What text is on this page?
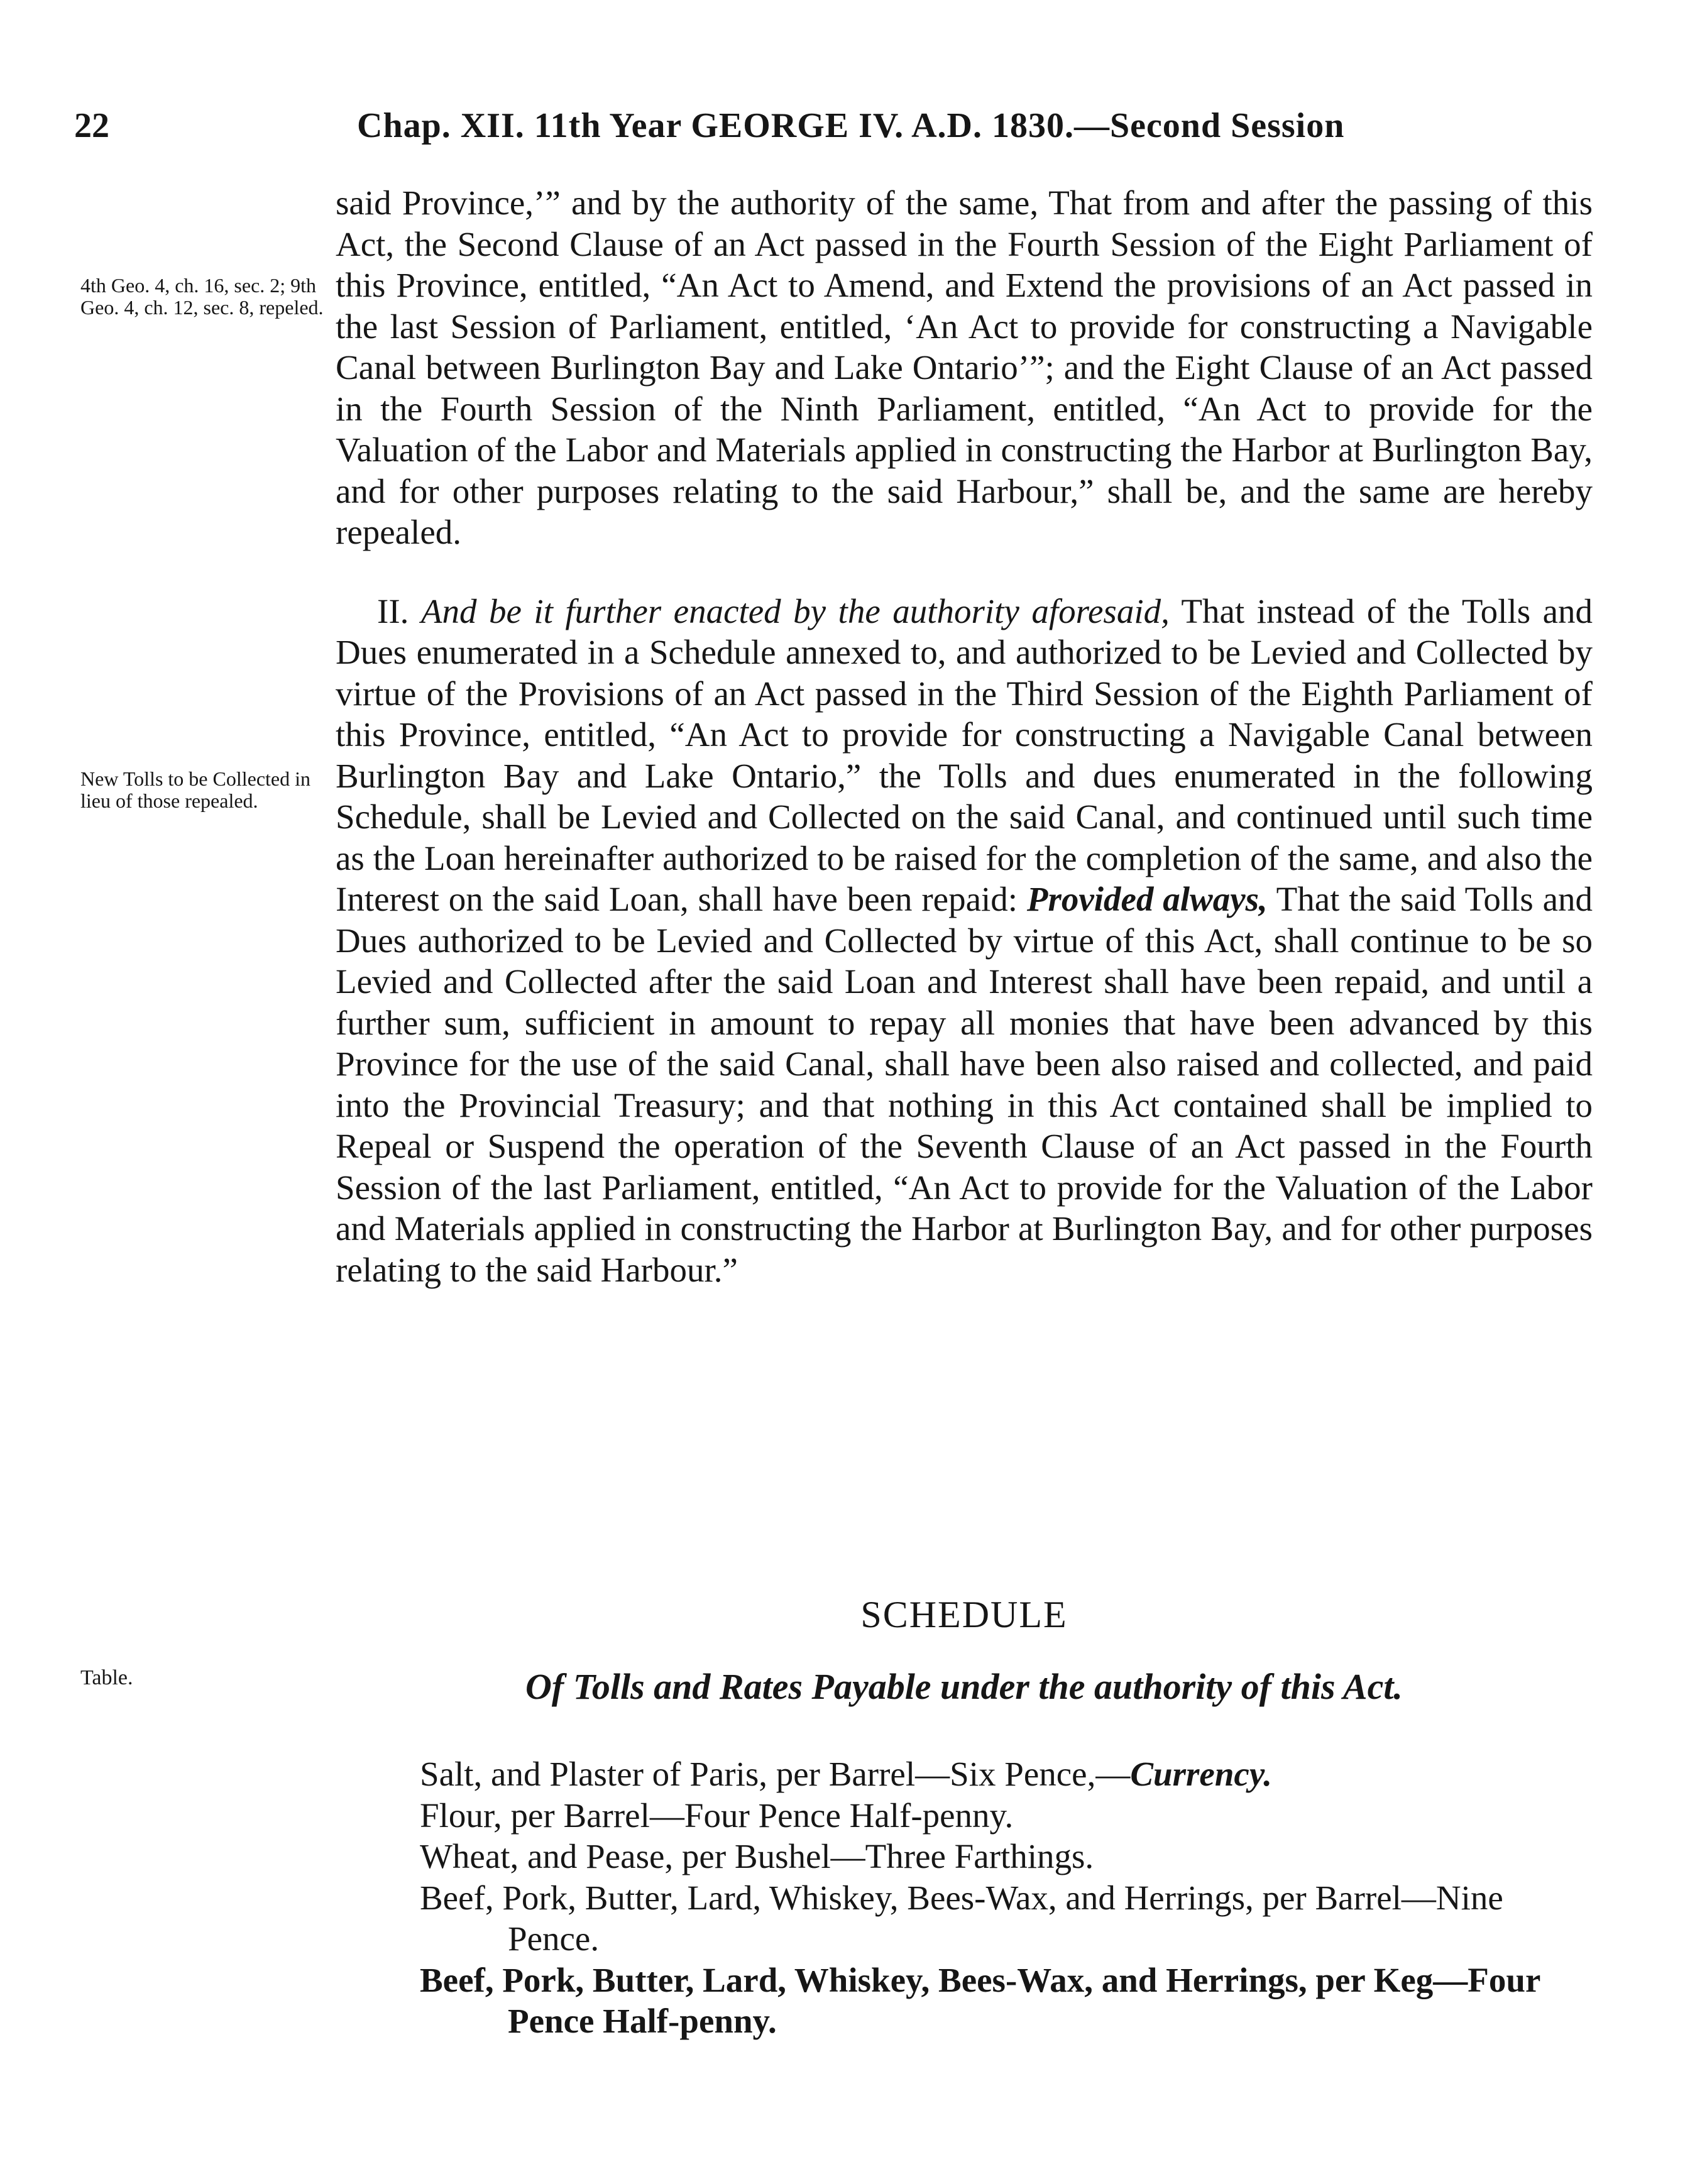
22	Chap. XII. 11th Year GEORGE IV. A.D. 1830.—Second Session
4th Geo. 4, ch. 16, sec. 2; 9th Geo. 4, ch. 12, sec. 8, repeled.
New Tolls to be Collected in lieu of those repealed.
Table.

said Province,’” and by the authority of the same, That from and after the passing of this Act, the Second Clause of an Act passed in the Fourth Session of the Eight Parliament of this Province, entitled, “An Act to Amend, and Extend the provisions of an Act passed in the last Session of Parliament, entitled, ‘An Act to provide for constructing a Navigable Canal between Burlington Bay and Lake Ontario’”; and the Eight Clause of an Act passed in the Fourth Session of the Ninth Parliament, entitled, “An Act to provide for the Valuation of the Labor and Materials applied in constructing the Harbor at Burlington Bay, and for other purposes relating to the said Harbour,” shall be, and the same are hereby repealed.

II. And be it further enacted by the authority aforesaid, That instead of the Tolls and Dues enumerated in a Schedule annexed to, and authorized to be Levied and Collected by virtue of the Provisions of an Act passed in the Third Session of the Eighth Parliament of this Province, entitled, “An Act to provide for constructing a Navigable Canal between Burlington Bay and Lake Ontario,” the Tolls and dues enumerated in the following Schedule, shall be Levied and Collected on the said Canal, and continued until such time as the Loan hereinafter authorized to be raised for the completion of the same, and also the Interest on the said Loan, shall have been repaid: Provided always, That the said Tolls and Dues authorized to be Levied and Collected by virtue of this Act, shall continue to be so Levied and Collected after the said Loan and Interest shall have been repaid, and until a further sum, sufficient in amount to repay all monies that have been advanced by this Province for the use of the said Canal, shall have been also raised and collected, and paid into the Provincial Treasury; and that nothing in this Act contained shall be implied to Repeal or Suspend the operation of the Seventh Clause of an Act passed in the Fourth Session of the last Parliament, entitled, “An Act to provide for the Valuation of the Labor and Materials applied in constructing the Harbor at Burlington Bay, and for other purposes relating to the said Harbour.”

SCHEDULE
Of Tolls and Rates Payable under the authority of this Act.
Salt, and Plaster of Paris, per Barrel—Six Pence,—Currency.
Flour, per Barrel—Four Pence Half-penny.
Wheat, and Pease, per Bushel—Three Farthings.
Beef, Pork, Butter, Lard, Whiskey, Bees-Wax, and Herrings, per Barrel—Nine Pence.
Beef, Pork, Butter, Lard, Whiskey, Bees-Wax, and Herrings, per Keg—Four Pence Half-penny.
